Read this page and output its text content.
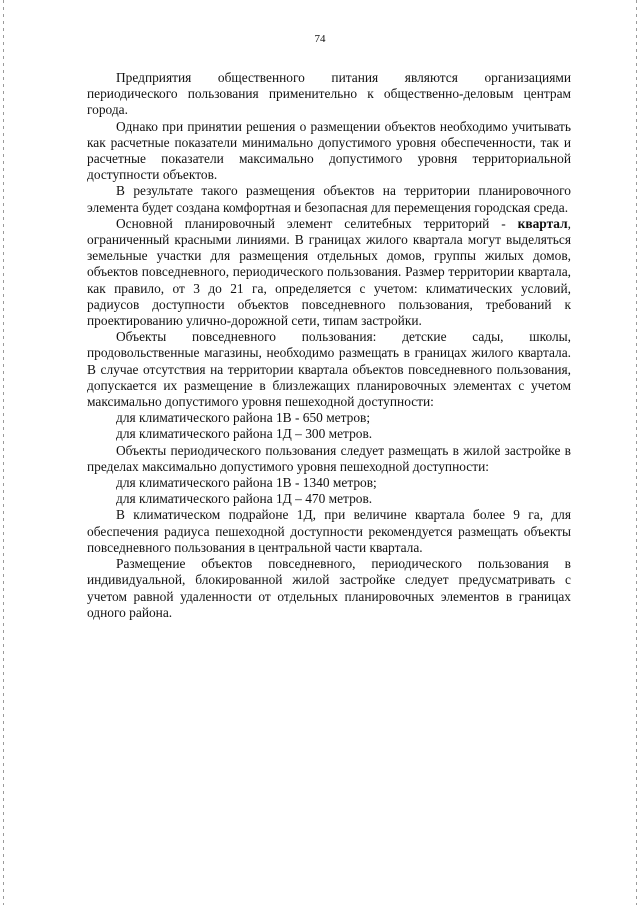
74

Предприятия общественного питания являются организациями периодического пользования применительно к общественно-деловым центрам города.

Однако при принятии решения о размещении объектов необходимо учитывать как расчетные показатели минимально допустимого уровня обеспеченности, так и расчетные показатели максимально допустимого уровня территориальной доступности объектов.

В результате такого размещения объектов на территории планировочного элемента будет создана комфортная и безопасная для перемещения городская среда.

Основной планировочный элемент селитебных территорий - квартал, ограниченный красными линиями. В границах жилого квартала могут выделяться земельные участки для размещения отдельных домов, группы жилых домов, объектов повседневного, периодического пользования. Размер территории квартала, как правило, от 3 до 21 га, определяется с учетом: климатических условий, радиусов доступности объектов повседневного пользования, требований к проектированию улично-дорожной сети, типам застройки.

Объекты повседневного пользования: детские сады, школы, продовольственные магазины, необходимо размещать в границах жилого квартала. В случае отсутствия на территории квартала объектов повседневного пользования, допускается их размещение в близлежащих планировочных элементах с учетом максимально допустимого уровня пешеходной доступности:

для климатического района 1В - 650 метров;

для климатического района 1Д – 300 метров.

Объекты периодического пользования следует размещать в жилой застройке в пределах максимально допустимого уровня пешеходной доступности:

для климатического района 1В - 1340 метров;

для климатического района 1Д – 470 метров.

В климатическом подрайоне 1Д, при величине квартала более 9 га, для обеспечения радиуса пешеходной доступности рекомендуется размещать объекты повседневного пользования в центральной части квартала.

Размещение объектов повседневного, периодического пользования в индивидуальной, блокированной жилой застройке следует предусматривать с учетом равной удаленности от отдельных планировочных элементов в границах одного района.
